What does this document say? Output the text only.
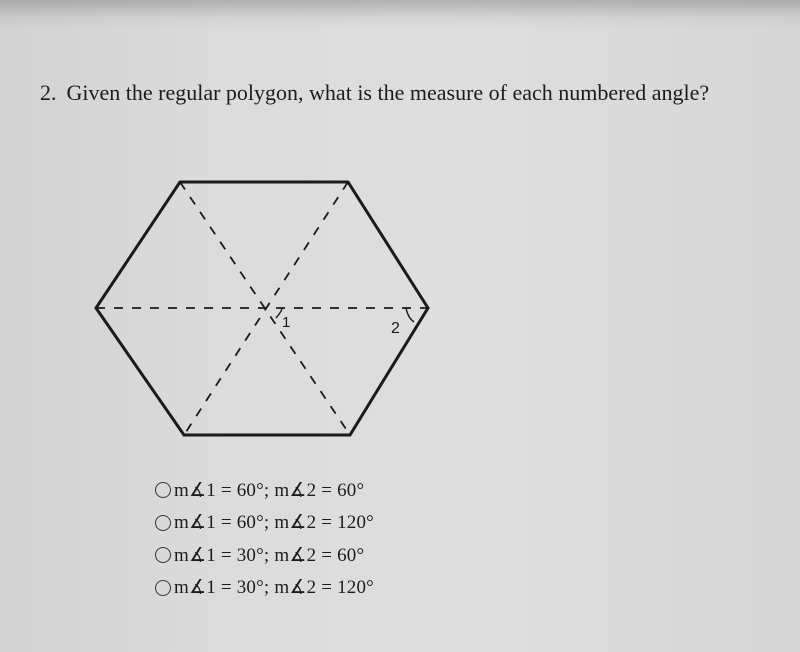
2. Given the regular polygon, what is the measure of each numbered angle?
1	2
m∡1 = 60°; m∡2 = 60°
m∡1 = 60°; m∡2 = 120°
m∡1 = 30°; m∡2 = 60°
m∡1 = 30°; m∡2 = 120°
